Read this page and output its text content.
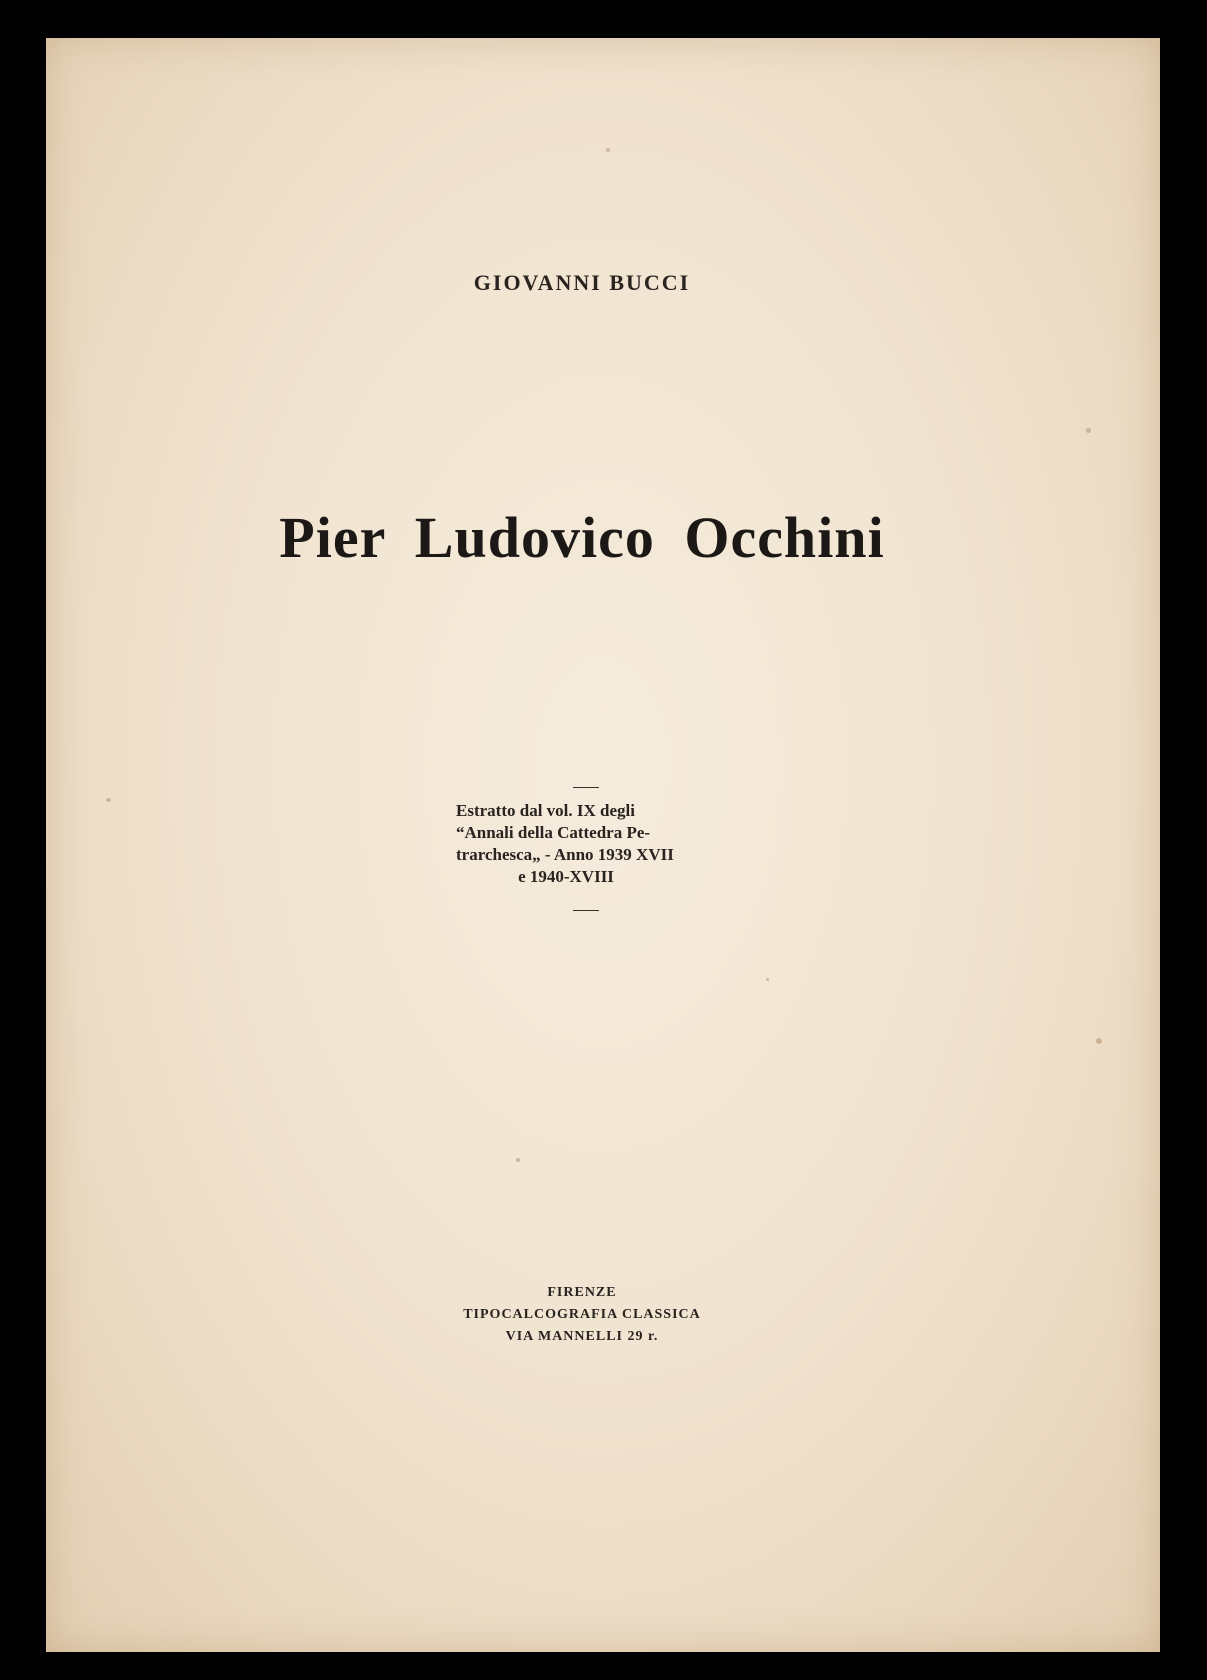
GIOVANNI BUCCI
Pier Ludovico Occhini
Estratto dal vol. IX degli
“Annali della Cattedra Pe-
trarchesca„ - Anno 1939 XVII
e 1940-XVIII
FIRENZE
TIPOCALCOGRAFIA CLASSICA
VIA MANNELLI 29 r.
